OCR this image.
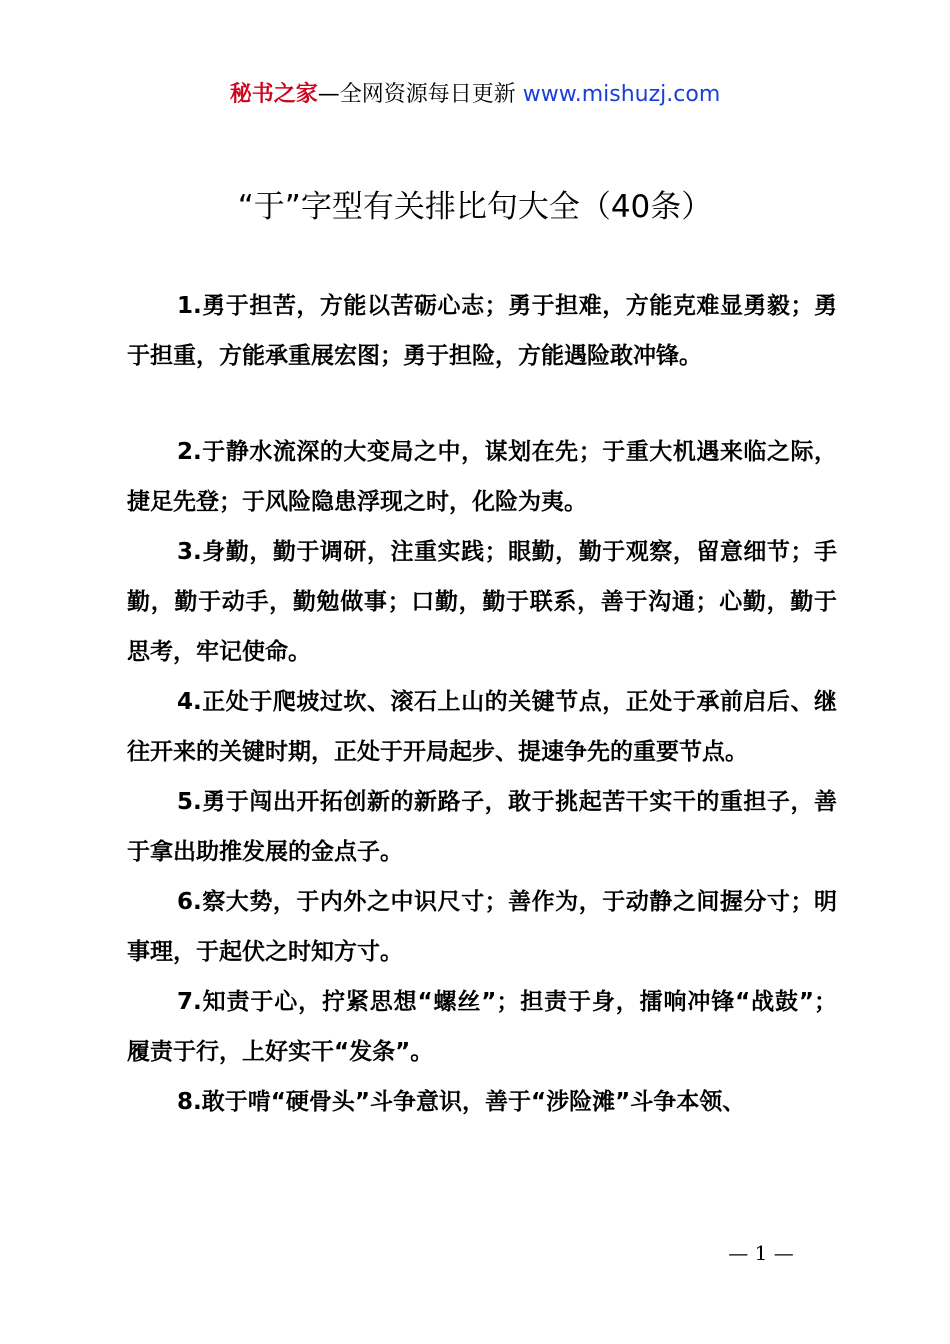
秘书之家—全网资源每日更新 www.mishuzj.com
“于”字型有关排比句大全（40条）

1.勇于担苦，方能以苦砺心志；勇于担难，方能克难显勇毅；勇于担重，方能承重展宏图；勇于担险，方能遇险敢冲锋。

2.于静水流深的大变局之中，谋划在先；于重大机遇来临之际，捷足先登；于风险隐患浮现之时，化险为夷。

3.身勤，勤于调研，注重实践；眼勤，勤于观察，留意细节；手勤，勤于动手，勤勉做事；口勤，勤于联系，善于沟通；心勤，勤于思考，牢记使命。

4.正处于爬坡过坎、滚石上山的关键节点，正处于承前启后、继往开来的关键时期，正处于开局起步、提速争先的重要节点。

5.勇于闯出开拓创新的新路子，敢于挑起苦干实干的重担子，善于拿出助推发展的金点子。

6.察大势，于内外之中识尺寸；善作为，于动静之间握分寸；明事理，于起伏之时知方寸。

7.知责于心，拧紧思想“螺丝”；担责于身，擂响冲锋“战鼓”；履责于行，上好实干“发条”。

8.敢于啃“硬骨头”斗争意识，善于“涉险滩”斗争本领、

— 1 —
